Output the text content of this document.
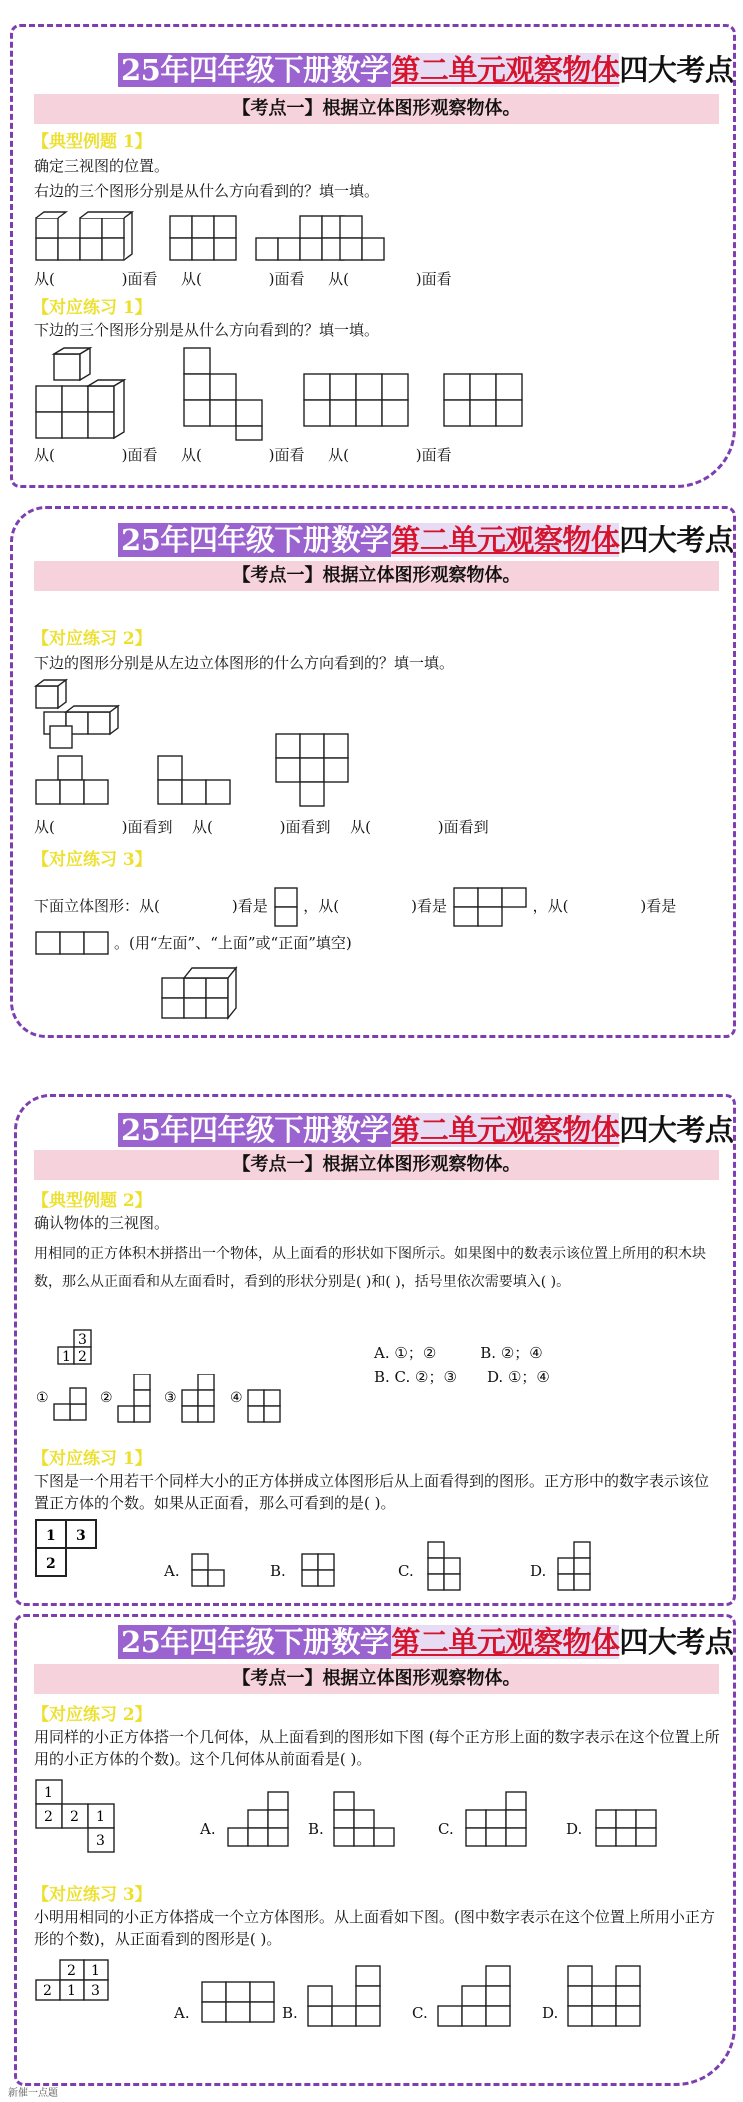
25年四年级下册数学 第二单元观察物体四大考点
【考点一】根据立体图形观察物体。
【典型例题 1】
确定三视图的位置。
右边的三个图形分别是从什么方向看到的？填一填。
从(	)面看 从(	)面看 从(	)面看
【对应练习 1】
下边的三个图形分别是从什么方向看到的？填一填。
从(	)面看 从(	)面看 从(	)面看
25年四年级下册数学 第二单元观察物体四大考点
【考点一】根据立体图形观察物体。
【对应练习 2】
下边的图形分别是从左边立体图形的什么方向看到的？填一填。
从(	)面看到 从(	)面看到 从(	)面看到
【对应练习 3】
下面立体图形：从(	)看是 ，从(	)看是	，从(	)看是
。(用“左面”、“上面”或“正面”填空)
25年四年级下册数学 第二单元观察物体四大考点
【考点一】根据立体图形观察物体。
【典型例题 2】
确认物体的三视图。
用相同的正方体积木拼搭出一个物体，从上面看的形状如下图所示。如果图中的数表示该位置上所用的积木块数，那么从正面看和从左面看时，看到的形状分别是( )和( )，括号里依次需要填入( )。
3
1 2	A. ①；②	B. ②；④
B. C. ②；③ D. ①；④
①	②	③	④
【对应练习 1】
下图是一个用若干个同样大小的正方体拼成立体图形后从上面看得到的图形。正方形中的数字表示该位置正方体的个数。如果从正面看，那么可看到的是( )。
1 3
2	A.	B.	C.	D.
25年四年级下册数学 第二单元观察物体四大考点
【考点一】根据立体图形观察物体。
【对应练习 2】
用同样的小正方体搭一个几何体，从上面看到的图形如下图 (每个正方形上面的数字表示在这个位置上所用的小正方体的个数)。这个几何体从前面看是( )。
1
2 2 1
3
A.	B.	C.	D.
【对应练习 3】
小明用相同的小正方体搭成一个立方体图形。从上面看如下图。(图中数字表示在这个位置上所用小正方形的个数)，从正面看到的图形是( )。
2 1
2 1 3
A.	B.	C.	D.
新催一点题
